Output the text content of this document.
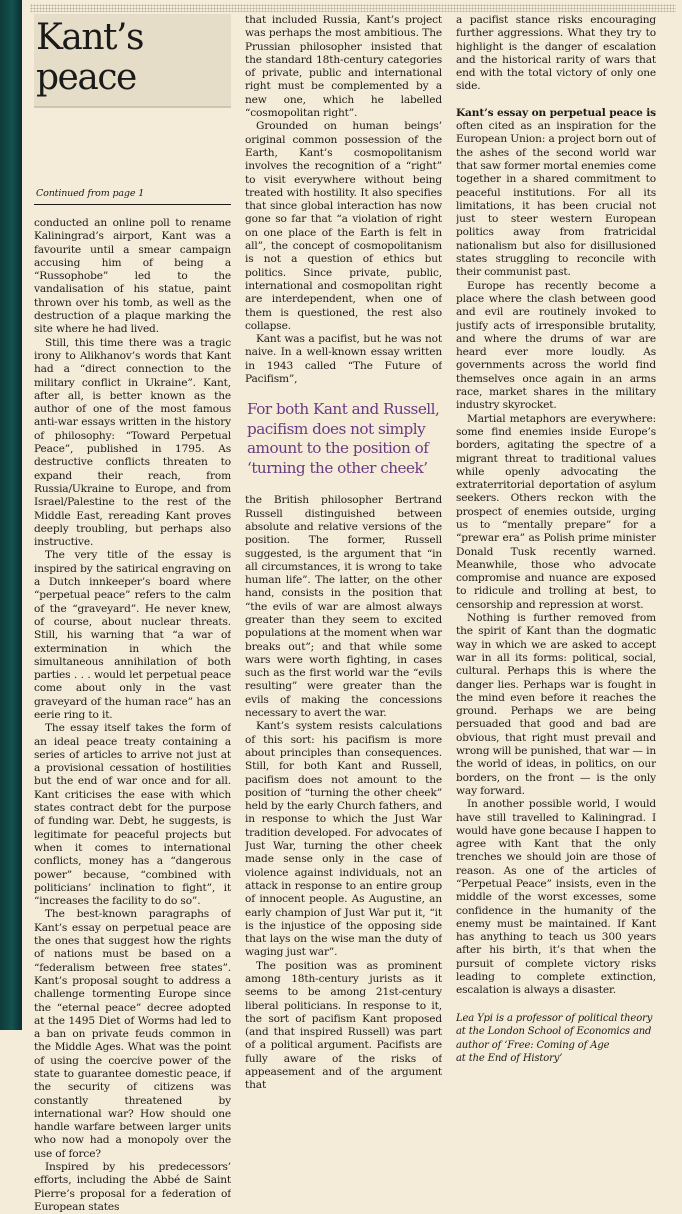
Kant’s peace
Continued from page 1

conducted an online poll to rename Kaliningrad’s airport, Kant was a favourite until a smear campaign accusing him of being a “Russophobe” led to the vandalisation of his statue, paint thrown over his tomb, as well as the destruction of a plaque marking the site where he had lived.

Still, this time there was a tragic irony to Alikhanov’s words that Kant had a “direct connection to the military conflict in Ukraine”. Kant, after all, is better known as the author of one of the most famous anti-war essays written in the history of philosophy: “Toward Perpetual Peace”, published in 1795. As destructive conflicts threaten to expand their reach, from Russia/Ukraine to Europe, and from Israel/Palestine to the rest of the Middle East, rereading Kant proves deeply troubling, but perhaps also instructive.

The very title of the essay is inspired by the satirical engraving on a Dutch innkeeper’s board where “perpetual peace” refers to the calm of the “graveyard”. He never knew, of course, about nuclear threats. Still, his warning that “a war of extermination in which the simultaneous annihilation of both parties . . . would let perpetual peace come about only in the vast graveyard of the human race” has an eerie ring to it.

The essay itself takes the form of an ideal peace treaty containing a series of articles to arrive not just at a provisional cessation of hostilities but the end of war once and for all. Kant criticises the ease with which states contract debt for the purpose of funding war. Debt, he suggests, is legitimate for peaceful projects but when it comes to international conflicts, money has a “dangerous power” because, “combined with politicians’ inclination to fight”, it “increases the facility to do so”.

The best-known paragraphs of Kant’s essay on perpetual peace are the ones that suggest how the rights of nations must be based on a “federalism between free states”. Kant’s proposal sought to address a challenge tormenting Europe since the “eternal peace” decree adopted at the 1495 Diet of Worms had led to a ban on private feuds common in the Middle Ages. What was the point of using the coercive power of the state to guarantee domestic peace, if the security of citizens was constantly threatened by international war? How should one handle warfare between larger units who now had a monopoly over the use of force?

Inspired by his predecessors’ efforts, including the Abbé de Saint Pierre’s proposal for a federation of European states

that included Russia, Kant’s project was perhaps the most ambitious. The Prussian philosopher insisted that the standard 18th-century categories of private, public and international right must be complemented by a new one, which he labelled “cosmopolitan right”.

Grounded on human beings’ original common possession of the Earth, Kant’s cosmopolitanism involves the recognition of a “right” to visit everywhere without being treated with hostility. It also specifies that since global interaction has now gone so far that “a violation of right on one place of the Earth is felt in all”, the concept of cosmopolitanism is not a question of ethics but politics. Since private, public, international and cosmopolitan right are interdependent, when one of them is questioned, the rest also collapse.

Kant was a pacifist, but he was not naive. In a well-known essay written in 1943 called “The Future of Pacifism”,

For both Kant and Russell, pacifism does not simply amount to the position of ‘turning the other cheek’

the British philosopher Bertrand Russell distinguished between absolute and relative versions of the position. The former, Russell suggested, is the argument that “in all circumstances, it is wrong to take human life”. The latter, on the other hand, consists in the position that “the evils of war are almost always greater than they seem to excited populations at the moment when war breaks out”; and that while some wars were worth fighting, in cases such as the first world war the “evils resulting” were greater than the evils of making the concessions necessary to avert the war.

Kant’s system resists calculations of this sort: his pacifism is more about principles than consequences. Still, for both Kant and Russell, pacifism does not amount to the position of “turning the other cheek” held by the early Church fathers, and in response to which the Just War tradition developed. For advocates of Just War, turning the other cheek made sense only in the case of violence against individuals, not an attack in response to an entire group of innocent people. As Augustine, an early champion of Just War put it, “it is the injustice of the opposing side that lays on the wise man the duty of waging just war”.

The position was as prominent among 18th-century jurists as it seems to be among 21st-century liberal politicians. In response to it, the sort of pacifism Kant proposed (and that inspired Russell) was part of a political argument. Pacifists are fully aware of the risks of appeasement and of the argument that

a pacifist stance risks encouraging further aggressions. What they try to highlight is the danger of escalation and the historical rarity of wars that end with the total victory of only one side.

Kant’s essay on perpetual peace is often cited as an inspiration for the European Union: a project born out of the ashes of the second world war that saw former mortal enemies come together in a shared commitment to peaceful institutions. For all its limitations, it has been crucial not just to steer western European politics away from fratricidal nationalism but also for disillusioned states struggling to reconcile with their communist past.

Europe has recently become a place where the clash between good and evil are routinely invoked to justify acts of irresponsible brutality, and where the drums of war are heard ever more loudly. As governments across the world find themselves once again in an arms race, market shares in the military industry skyrocket.

Martial metaphors are everywhere: some find enemies inside Europe’s borders, agitating the spectre of a migrant threat to traditional values while openly advocating the extraterritorial deportation of asylum seekers. Others reckon with the prospect of enemies outside, urging us to “mentally prepare” for a “prewar era” as Polish prime minister Donald Tusk recently warned. Meanwhile, those who advocate compromise and nuance are exposed to ridicule and trolling at best, to censorship and repression at worst.

Nothing is further removed from the spirit of Kant than the dogmatic way in which we are asked to accept war in all its forms: political, social, cultural. Perhaps this is where the danger lies. Perhaps war is fought in the mind even before it reaches the ground. Perhaps we are being persuaded that good and bad are obvious, that right must prevail and wrong will be punished, that war — in the world of ideas, in politics, on our borders, on the front — is the only way forward.

In another possible world, I would have still travelled to Kaliningrad. I would have gone because I happen to agree with Kant that the only trenches we should join are those of reason. As one of the articles of “Perpetual Peace” insists, even in the middle of the worst excesses, some confidence in the humanity of the enemy must be maintained. If Kant has anything to teach us 300 years after his birth, it’s that when the pursuit of complete victory risks leading to complete extinction, escalation is always a disaster.

Lea Ypi is a professor of political theory
at the London School of Economics and
author of ‘Free: Coming of Age
at the End of History’
